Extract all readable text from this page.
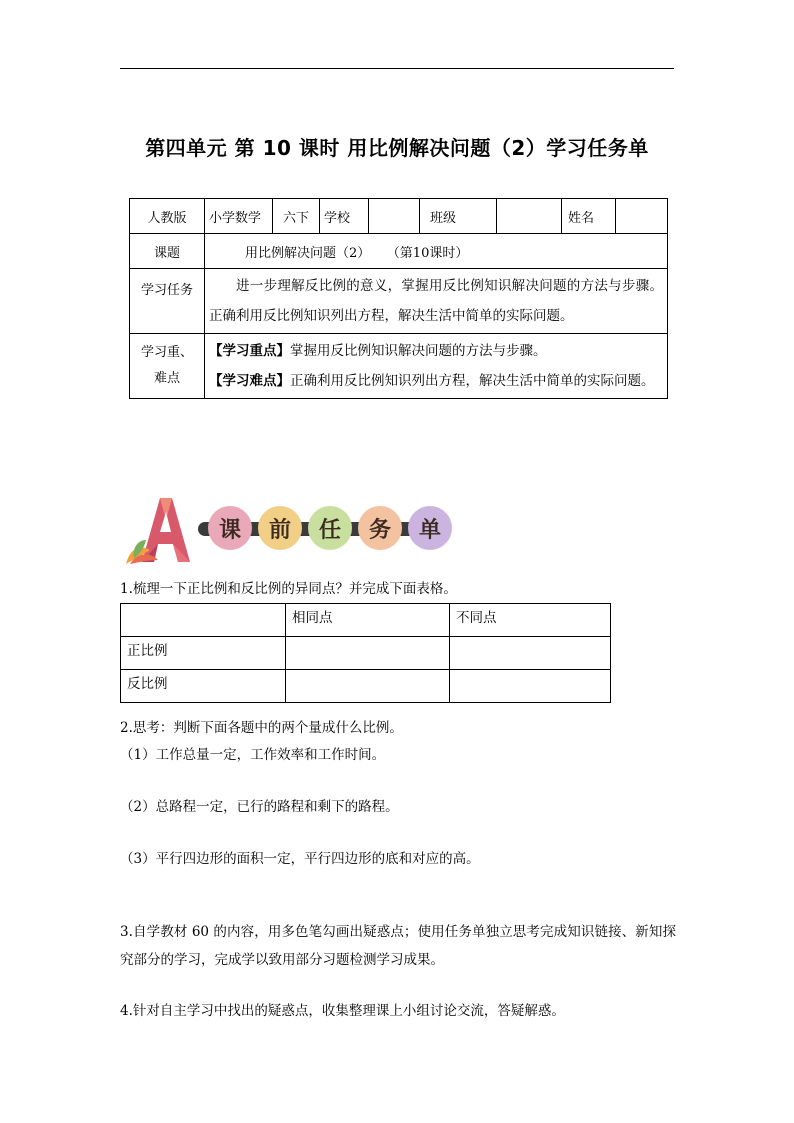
第四单元 第 10 课时 用比例解决问题（2）学习任务单
人教版	小学数学	六下	学校		班级		姓名	
课题	用比例解决问题（2）    （第10课时）							
学习任务	进一步理解反比例的意义，掌握用反比例知识解决问题的方法与步骤。正确利用反比例知识列出方程，解决生活中简单的实际问题。							
学习重、难点	【学习重点】掌握用反比例知识解决问题的方法与步骤。
【学习难点】正确利用反比例知识列出方程，解决生活中简单的实际问题。							
课	前	任	务	单
1.梳理一下正比例和反比例的异同点？并完成下面表格。
	相同点	不同点
正比例		
反比例		
2.思考：判断下面各题中的两个量成什么比例。
（1）工作总量一定，工作效率和工作时间。
（2）总路程一定，已行的路程和剩下的路程。
（3）平行四边形的面积一定，平行四边形的底和对应的高。
3.自学教材 60 的内容，用多色笔勾画出疑惑点；使用任务单独立思考完成知识链接、新知探究部分的学习，完成学以致用部分习题检测学习成果。
4.针对自主学习中找出的疑惑点，收集整理课上小组讨论交流，答疑解惑。
